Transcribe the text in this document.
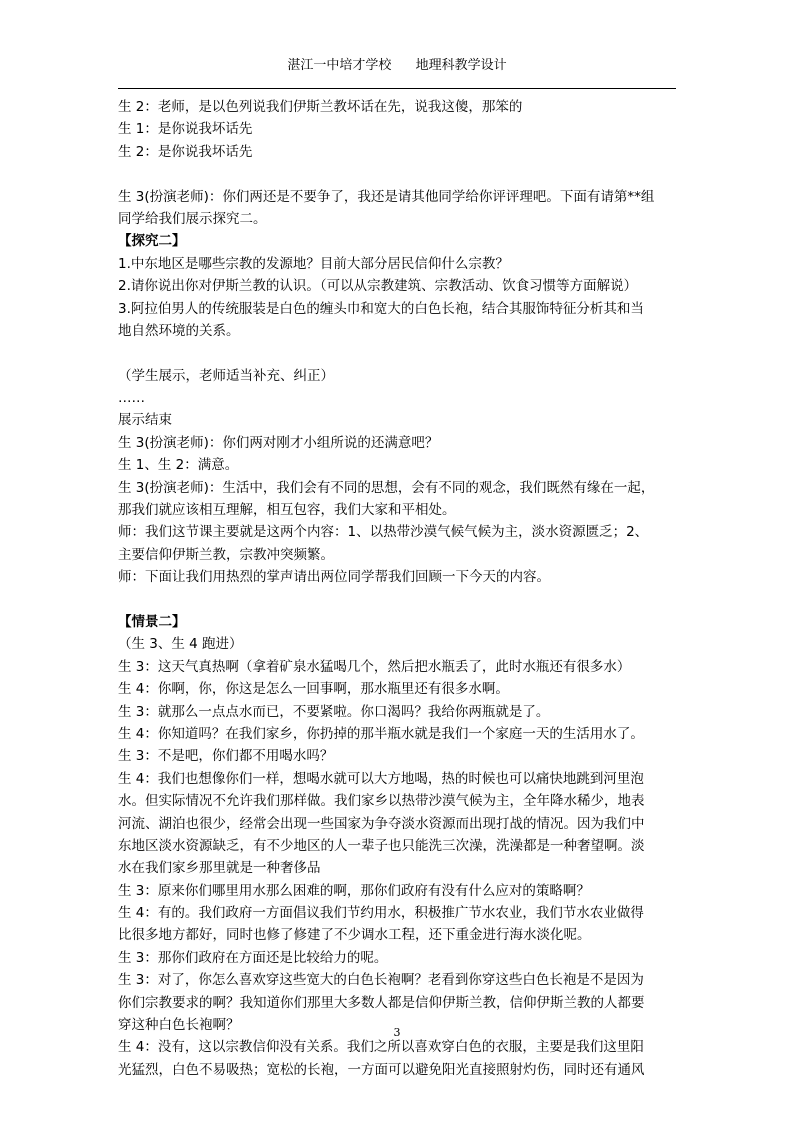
湛江一中培才学校 地理科教学设计
生 2：老师，是以色列说我们伊斯兰教坏话在先，说我这傻，那笨的
生 1：是你说我坏话先
生 2：是你说我坏话先
生 3(扮演老师)：你们两还是不要争了，我还是请其他同学给你评评理吧。下面有请第**组
同学给我们展示探究二。
【探究二】
1.中东地区是哪些宗教的发源地？目前大部分居民信仰什么宗教？
2.请你说出你对伊斯兰教的认识。（可以从宗教建筑、宗教活动、饮食习惯等方面解说）
3.阿拉伯男人的传统服装是白色的缠头巾和宽大的白色长袍，结合其服饰特征分析其和当
地自然环境的关系。
（学生展示，老师适当补充、纠正）
……
展示结束
生 3(扮演老师)：你们两对刚才小组所说的还满意吧？
生 1、生 2：满意。
生 3(扮演老师)：生活中，我们会有不同的思想，会有不同的观念，我们既然有缘在一起，
那我们就应该相互理解，相互包容，我们大家和平相处。
师：我们这节课主要就是这两个内容：1、以热带沙漠气候气候为主，淡水资源匮乏；2、
主要信仰伊斯兰教，宗教冲突频繁。
师：下面让我们用热烈的掌声请出两位同学帮我们回顾一下今天的内容。
【情景二】
（生 3、生 4 跑进）
生 3：这天气真热啊（拿着矿泉水猛喝几个，然后把水瓶丢了，此时水瓶还有很多水）
生 4：你啊，你，你这是怎么一回事啊，那水瓶里还有很多水啊。
生 3：就那么一点点水而已，不要紧啦。你口渴吗？我给你两瓶就是了。
生 4：你知道吗？在我们家乡，你扔掉的那半瓶水就是我们一个家庭一天的生活用水了。
生 3：不是吧，你们都不用喝水吗？
生 4：我们也想像你们一样，想喝水就可以大方地喝，热的时候也可以痛快地跳到河里泡
水。但实际情况不允许我们那样做。我们家乡以热带沙漠气候为主，全年降水稀少，地表
河流、湖泊也很少，经常会出现一些国家为争夺淡水资源而出现打战的情况。因为我们中
东地区淡水资源缺乏，有不少地区的人一辈子也只能洗三次澡，洗澡都是一种奢望啊。淡
水在我们家乡那里就是一种奢侈品
生 3：原来你们哪里用水那么困难的啊，那你们政府有没有什么应对的策略啊？
生 4：有的。我们政府一方面倡议我们节约用水，积极推广节水农业，我们节水农业做得
比很多地方都好，同时也修了修建了不少调水工程，还下重金进行海水淡化呢。
生 3：那你们政府在方面还是比较给力的呢。
生 3：对了，你怎么喜欢穿这些宽大的白色长袍啊？老看到你穿这些白色长袍是不是因为
你们宗教要求的啊？我知道你们那里大多数人都是信仰伊斯兰教，信仰伊斯兰教的人都要
穿这种白色长袍啊？
生 4：没有，这以宗教信仰没有关系。我们之所以喜欢穿白色的衣服，主要是我们这里阳
光猛烈，白色不易吸热；宽松的长袍，一方面可以避免阳光直接照射灼伤，同时还有通风
3
